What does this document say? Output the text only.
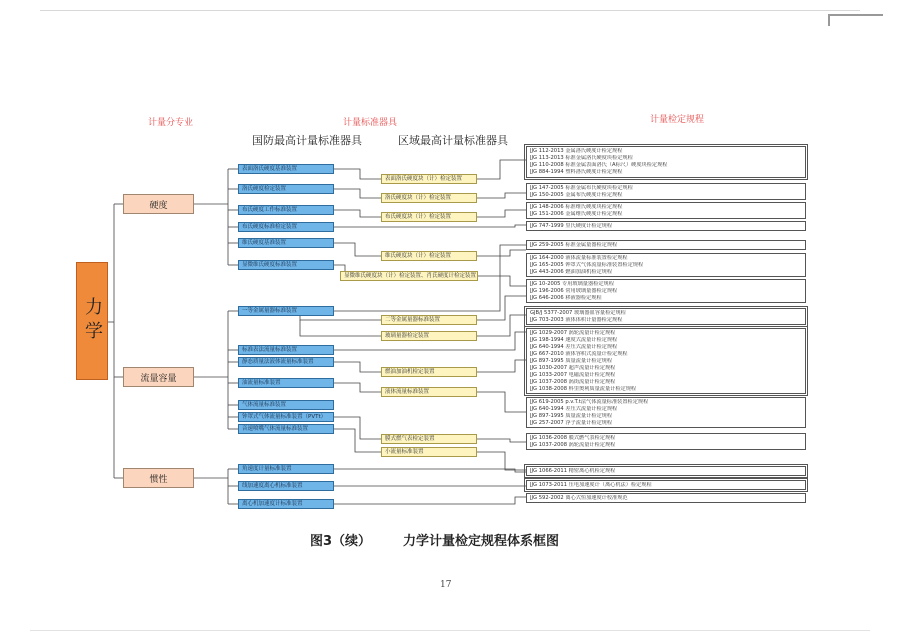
计量分专业	计量标准器具	计量检定规程
国防最高计量标准器具	区域最高计量标准器具
力学
硬度
流量容量
惯性
表面洛氏硬度基准装置
洛氏硬度检定装置
布氏硬度工作标准装置
布氏硬度标准检定装置
维氏硬度基准装置
显微维氏硬度标准装置
表面洛氏硬度块（计）检定装置
洛氏硬度块（计）检定装置
布氏硬度块（计）检定装置
维氏硬度块（计）检定装置
显微维氏硬度块（计）检定装置、肖氏硬度计检定装置
一等金属量器标准装置
标准表法流量标准装置
静态质量法液体流量标准装置
油流量标准装置
气体流量标准装置
钟罩式气体流量标准装置（PVTt）
音速喷嘴气体流量标准装置
二等金属量器标准装置
玻璃量器检定装置
燃油加油机检定装置
液体流量标准装置
膜式燃气表检定装置
小流量标准装置
角速度计量标准装置
线加速度离心机标准装置
离心机加速度计标准装置
JJG 112-2013 金属洛氏硬度计检定规程
JJG 113-2013 标准金属洛氏硬度块检定规程
JJG 110-2008 标准金属表面洛氏（A标尺）硬度块检定规程
JJG 884-1994 塑料洛氏硬度计检定规程
JJG 147-2005 标准金属布氏硬度块检定规程
JJG 150-2005 金属布氏硬度计检定规程
JJG 148-2006 标准维氏硬度块检定规程
JJG 151-2006 金属维氏硬度计检定规程
JJG 747-1999 里氏硬度计检定规程
JJG 259-2005 标准金属量器检定规程
JJG 164-2000 液体流量标准装置检定规程
JJG 165-2005 钟罩式气体流量标准装置检定规程
JJG 443-2006 燃油加油机检定规程
JJG 10-2005 专用玻璃量器检定规程
JJG 196-2006 常用玻璃量器检定规程
JJG 646-2006 移液器检定规程
GJB/J 5377-2007 玻璃器皿容量检定规程
JJG 703-2003 液体体积计量器检定规程
JJG 1029-2007 涡轮流量计检定规程
JJG 198-1994 速度式流量计检定规程
JJG 640-1994 差压式流量计检定规程
JJG 667-2010 液体容积式流量计检定规程
JJG 897-1995 质量流量计检定规程
JJG 1030-2007 超声流量计检定规程
JJG 1033-2007 电磁流量计检定规程
JJG 1037-2008 涡街流量计检定规程
JJG 1038-2008 科里奥利质量流量计检定规程
JJG 619-2005 p.v.T.t法气体流量标准装置检定规程
JJG 640-1994 差压式流量计检定规程
JJG 897-1995 质量流量计检定规程
JJG 257-2007 浮子流量计检定规程
JJG 1036-2008 膜式燃气表检定规程
JJG 1037-2008 涡轮流量计检定规程
JJG 1066-2011 精密离心机检定规程
JJG 1073-2011 压电加速度计（离心机法）检定规程
JJG 592-2002 离心式恒加速度计校准规范
图3（续） 力学计量检定规程体系框图
17
